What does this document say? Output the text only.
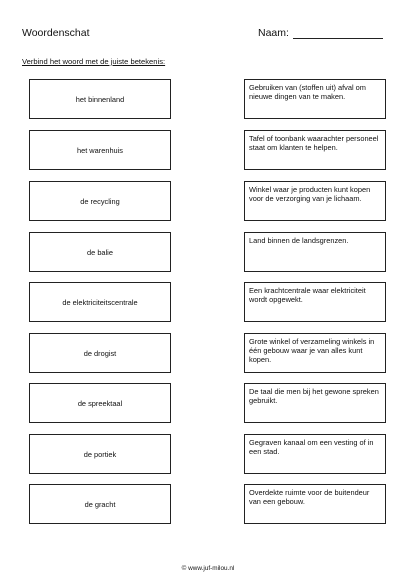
Woordenschat	Naam:
Verbind het woord met de juiste betekenis:
het binnenland
het warenhuis
de recycling
de balie
de elektriciteitscentrale
de drogist
de spreektaal
de portiek
de gracht
Gebruiken van (stoffen uit) afval om nieuwe dingen van te maken.
Tafel of toonbank waarachter personeel staat om klanten te helpen.
Winkel waar je producten kunt kopen voor de verzorging van je lichaam.
Land binnen de landsgrenzen.
Een krachtcentrale waar elektriciteit wordt opgewekt.
Grote winkel of verzameling winkels in één gebouw waar je van alles kunt kopen.
De taal die men bij het gewone spreken gebruikt.
Gegraven kanaal om een vesting of in een stad.
Overdekte ruimte voor de buitendeur van een gebouw.
© www.juf-milou.nl
